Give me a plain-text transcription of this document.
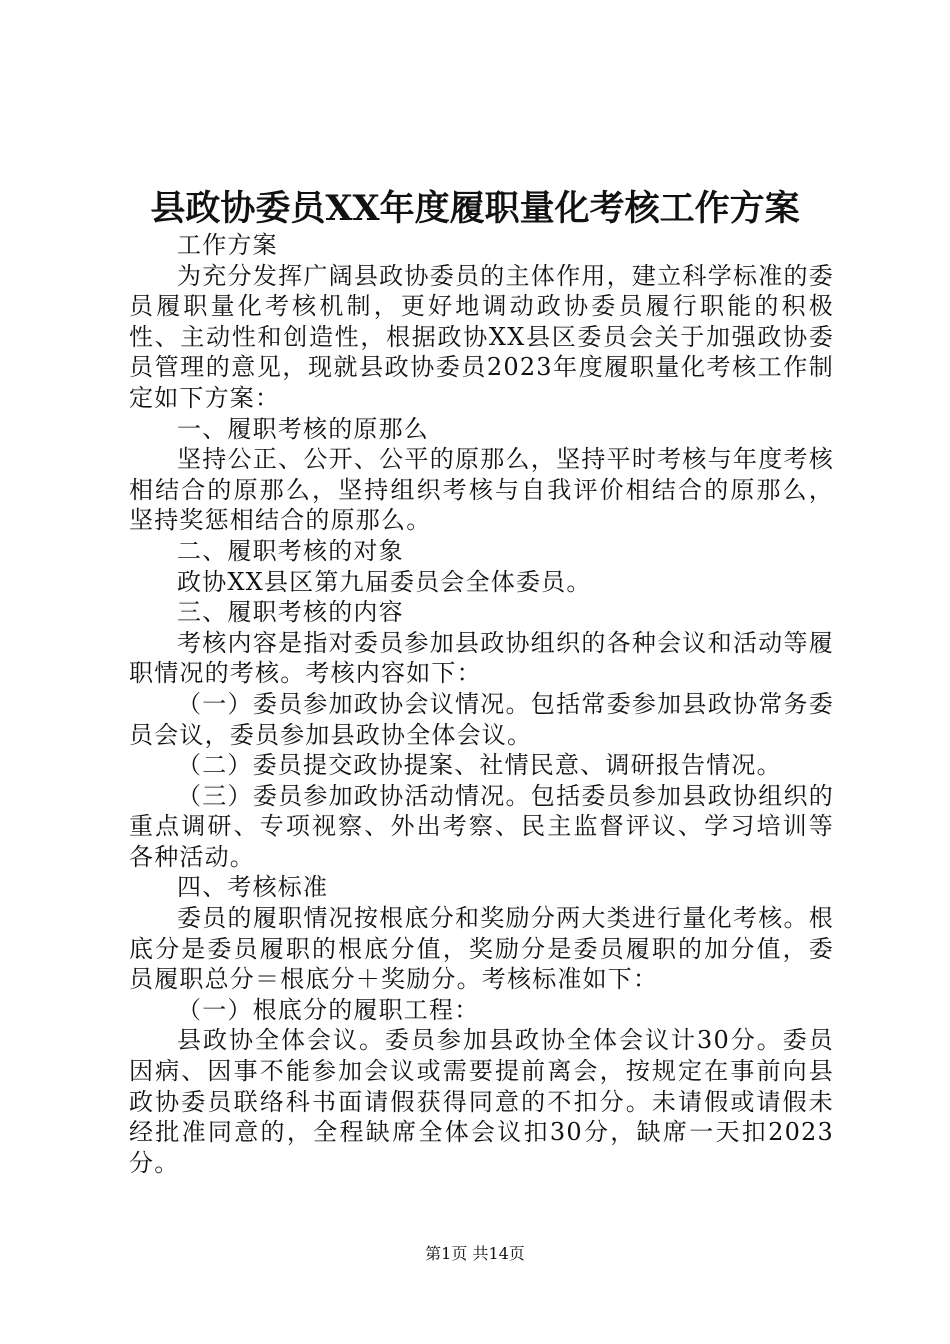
县政协委员XX年度履职量化考核工作方案

工作方案

为充分发挥广阔县政协委员的主体作用，建立科学标准的委员履职量化考核机制，更好地调动政协委员履行职能的积极性、主动性和创造性，根据政协XX县区委员会关于加强政协委员管理的意见，现就县政协委员2023年度履职量化考核工作制定如下方案：

一、履职考核的原那么

坚持公正、公开、公平的原那么，坚持平时考核与年度考核相结合的原那么，坚持组织考核与自我评价相结合的原那么，坚持奖惩相结合的原那么。

二、履职考核的对象

政协XX县区第九届委员会全体委员。

三、履职考核的内容

考核内容是指对委员参加县政协组织的各种会议和活动等履职情况的考核。考核内容如下：

（一）委员参加政协会议情况。包括常委参加县政协常务委员会议，委员参加县政协全体会议。

（二）委员提交政协提案、社情民意、调研报告情况。

（三）委员参加政协活动情况。包括委员参加县政协组织的重点调研、专项视察、外出考察、民主监督评议、学习培训等各种活动。

四、考核标准

委员的履职情况按根底分和奖励分两大类进行量化考核。根底分是委员履职的根底分值，奖励分是委员履职的加分值，委员履职总分＝根底分＋奖励分。考核标准如下：

（一）根底分的履职工程：

县政协全体会议。委员参加县政协全体会议计30分。委员因病、因事不能参加会议或需要提前离会，按规定在事前向县政协委员联络科书面请假获得同意的不扣分。未请假或请假未经批准同意的，全程缺席全体会议扣30分，缺席一天扣2023分。

第1页 共14页
